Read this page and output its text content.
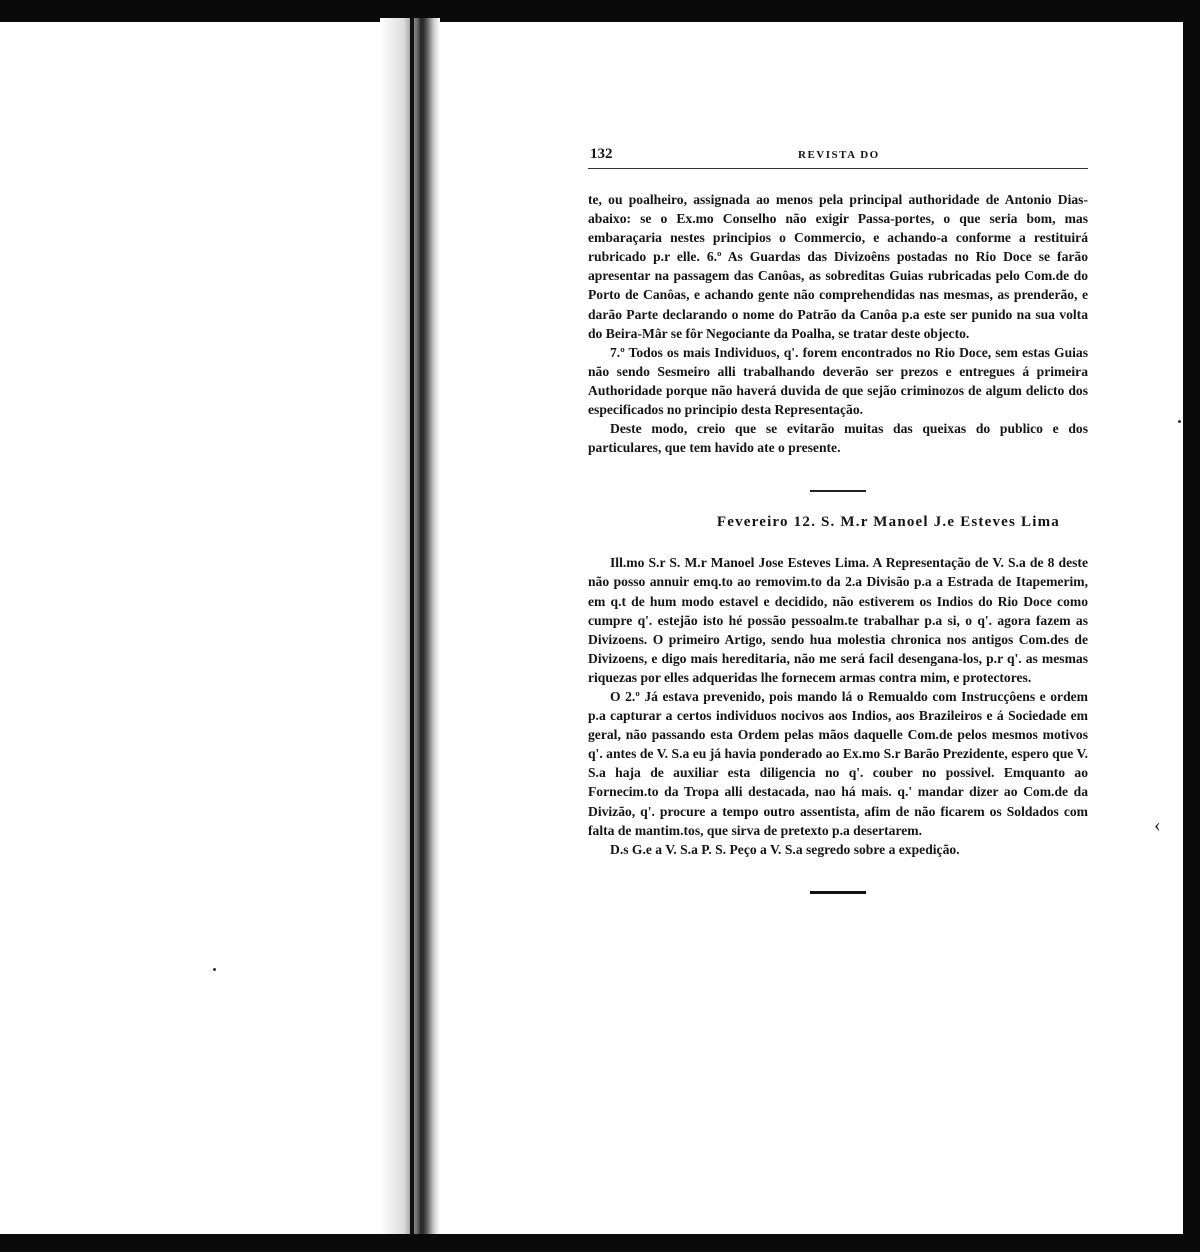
‹
132	REVISTA DO

te, ou poalheiro, assignada ao menos pela principal authoridade de Antonio Dias-abaixo: se o Ex.mo Conselho não exigir Passa-portes, o que seria bom, mas embaraçaria nestes principios o Commercio, e achando-a conforme a restituirá rubricado p.r elle. 6.º As Guardas das Divizoêns postadas no Rio Doce se farão apresentar na passagem das Canôas, as sobreditas Guias rubricadas pelo Com.de do Porto de Canôas, e achando gente não comprehendidas nas mesmas, as prenderão, e darão Parte declarando o nome do Patrão da Canôa p.a este ser punido na sua volta do Beira-Mâr se fôr Negociante da Poalha, se tratar deste objecto.

7.º Todos os mais Individuos, q'. forem encontrados no Rio Doce, sem estas Guias não sendo Sesmeiro alli trabalhando deverão ser prezos e entregues á primeira Authoridade porque não haverá duvida de que sejão criminozos de algum delicto dos especificados no principio desta Representação.

Deste modo, creio que se evitarão muitas das queixas do publico e dos particulares, que tem havido ate o presente.

Fevereiro 12. S. M.r Manoel J.e Esteves Lima

Ill.mo S.r S. M.r Manoel Jose Esteves Lima. A Representação de V. S.a de 8 deste não posso annuir emq.to ao removim.to da 2.a Divisão p.a a Estrada de Itapemerim, em q.t de hum modo estavel e decidido, não estiverem os Indios do Rio Doce como cumpre q'. estejão isto hé possão pessoalm.te trabalhar p.a si, o q'. agora fazem as Divizoens. O primeiro Artigo, sendo hua molestia chronica nos antigos Com.des de Divizoens, e digo mais hereditaria, não me será facil desengana-los, p.r q'. as mesmas riquezas por elles adqueridas lhe fornecem armas contra mim, e protectores.

O 2.º Já estava prevenido, pois mando lá o Remualdo com Instrucçôens e ordem p.a capturar a certos individuos nocivos aos Indios, aos Brazileiros e á Sociedade em geral, não passando esta Ordem pelas mãos daquelle Com.de pelos mesmos motivos q'. antes de V. S.a eu já havia ponderado ao Ex.mo S.r Barão Prezidente, espero que V. S.a haja de auxiliar esta diligencia no q'. couber no possivel. Emquanto ao Fornecim.to da Tropa alli destacada, nao há mais. q.' mandar dizer ao Com.de da Divizão, q'. procure a tempo outro assentista, afim de não ficarem os Soldados com falta de mantim.tos, que sirva de pretexto p.a desertarem.

D.s G.e a V. S.a P. S. Peço a V. S.a segredo sobre a expedição.
